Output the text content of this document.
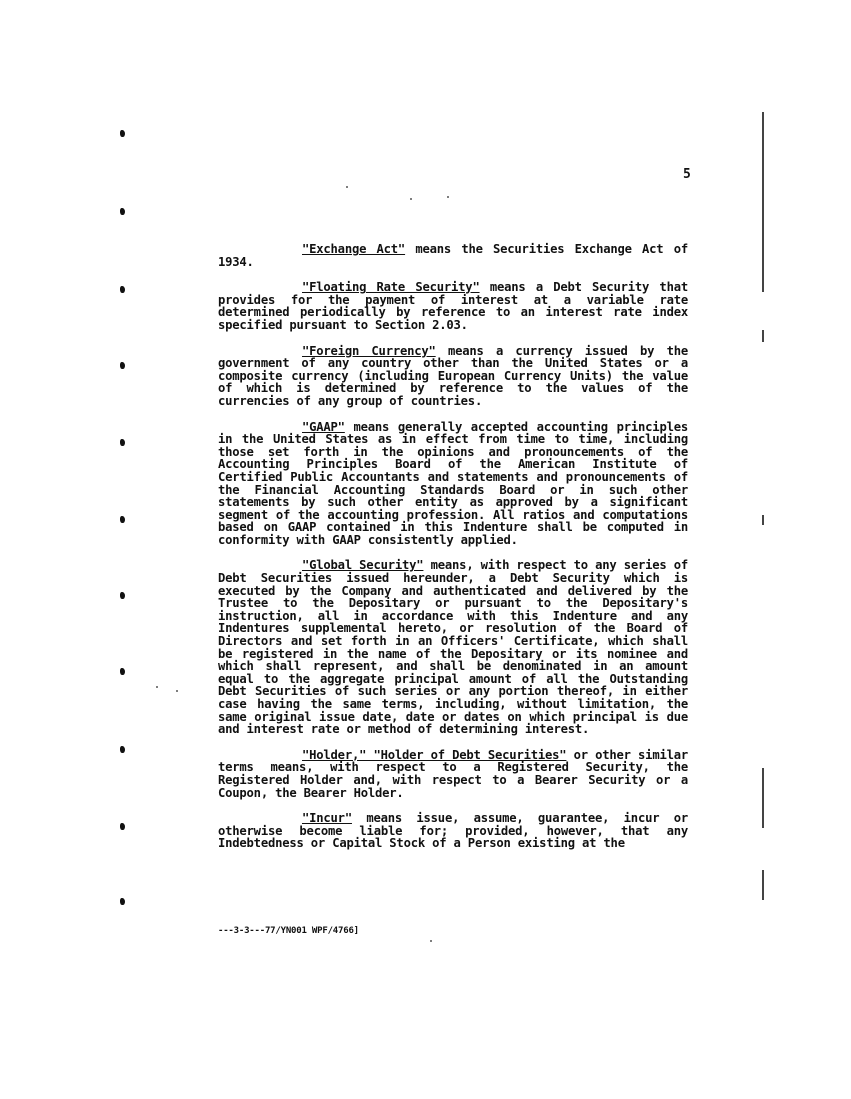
5

"Exchange Act" means the Securities Exchange Act of 1934.

"Floating Rate Security" means a Debt Security that provides for the payment of interest at a variable rate determined periodically by reference to an interest rate index specified pursuant to Section 2.03.

"Foreign Currency" means a currency issued by the government of any country other than the United States or a composite currency (including European Currency Units) the value of which is determined by reference to the values of the currencies of any group of countries.

"GAAP" means generally accepted accounting principles in the United States as in effect from time to time, including those set forth in the opinions and pronouncements of the Accounting Principles Board of the American Institute of Certified Public Accountants and statements and pronouncements of the Financial Accounting Standards Board or in such other statements by such other entity as approved by a significant segment of the accounting profession. All ratios and computations based on GAAP contained in this Indenture shall be computed in conformity with GAAP consistently applied.

"Global Security" means, with respect to any series of Debt Securities issued hereunder, a Debt Security which is executed by the Company and authenticated and delivered by the Trustee to the Depositary or pursuant to the Depositary's instruction, all in accordance with this Indenture and any Indentures supplemental hereto, or resolution of the Board of Directors and set forth in an Officers' Certificate, which shall be registered in the name of the Depositary or its nominee and which shall represent, and shall be denominated in an amount equal to the aggregate principal amount of all the Outstanding Debt Securities of such series or any portion thereof, in either case having the same terms, including, without limitation, the same original issue date, date or dates on which principal is due and interest rate or method of determining interest.

"Holder," "Holder of Debt Securities" or other similar terms means, with respect to a Registered Security, the Registered Holder and, with respect to a Bearer Security or a Coupon, the Bearer Holder.

"Incur" means issue, assume, guarantee, incur or otherwise become liable for; provided, however, that any Indebtedness or Capital Stock of a Person existing at the

---3-3---77/YN001 WPF/4766]
